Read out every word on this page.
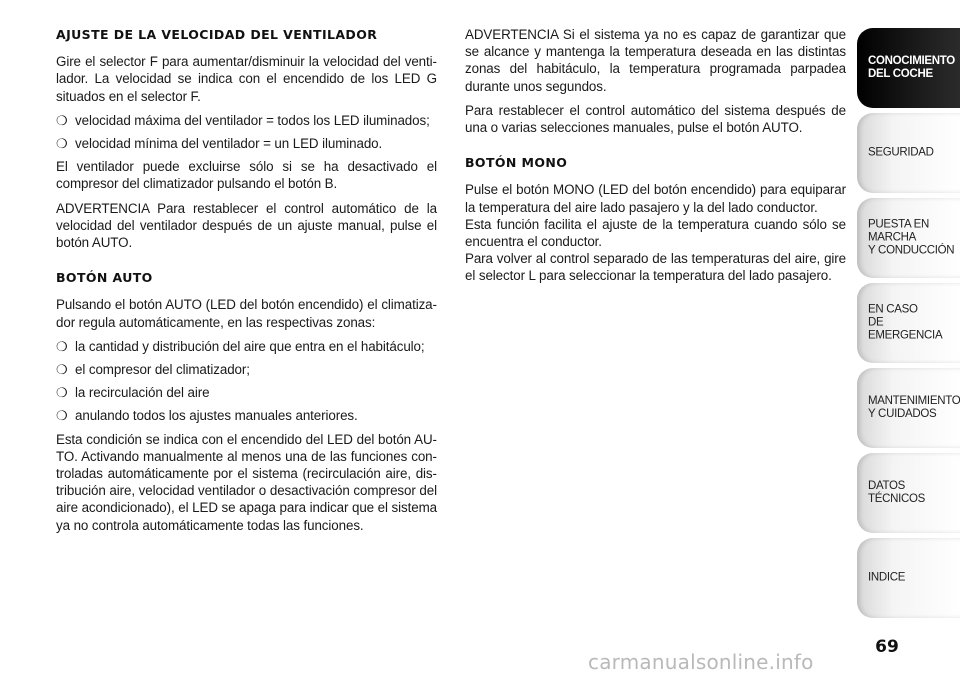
AJUSTE DE LA VELOCIDAD DEL VENTILADOR

Gire el selector F para aumentar/disminuir la velocidad del ventilador. La velocidad se indica con el encendido de los LED G situados en el selector F.

❍ velocidad máxima del ventilador = todos los LED iluminados;
❍ velocidad mínima del ventilador = un LED iluminado.

El ventilador puede excluirse sólo si se ha desactivado el compresor del climatizador pulsando el botón B.

ADVERTENCIA Para restablecer el control automático de la velocidad del ventilador después de un ajuste manual, pulse el botón AUTO.

BOTÓN AUTO

Pulsando el botón AUTO (LED del botón encendido) el climatizador regula automáticamente, en las respectivas zonas:

❍ la cantidad y distribución del aire que entra en el habitáculo;
❍ el compresor del climatizador;
❍ la recirculación del aire
❍ anulando todos los ajustes manuales anteriores.

Esta condición se indica con el encendido del LED del botón AUTO. Activando manualmente al menos una de las funciones controladas automáticamente por el sistema (recirculación aire, distribución aire, velocidad ventilador o desactivación compresor del aire acondicionado), el LED se apaga para indicar que el sistema ya no controla automáticamente todas las funciones.

ADVERTENCIA Si el sistema ya no es capaz de garantizar que se alcance y mantenga la temperatura deseada en las distintas zonas del habitáculo, la temperatura programada parpadea durante unos segundos.

Para restablecer el control automático del sistema después de una o varias selecciones manuales, pulse el botón AUTO.

BOTÓN MONO

Pulse el botón MONO (LED del botón encendido) para equiparar la temperatura del aire lado pasajero y la del lado conductor.

Esta función facilita el ajuste de la temperatura cuando sólo se encuentra el conductor.

Para volver al control separado de las temperaturas del aire, gire el selector L para seleccionar la temperatura del lado pasajero.

CONOCIMIENTO
DEL COCHE
SEGURIDAD
PUESTA EN MARCHA
Y CONDUCCIÓN
EN CASO
DE EMERGENCIA
MANTENIMIENTO
Y CUIDADOS
DATOS TÉCNICOS
INDICE
69
carmanualsonline.info
